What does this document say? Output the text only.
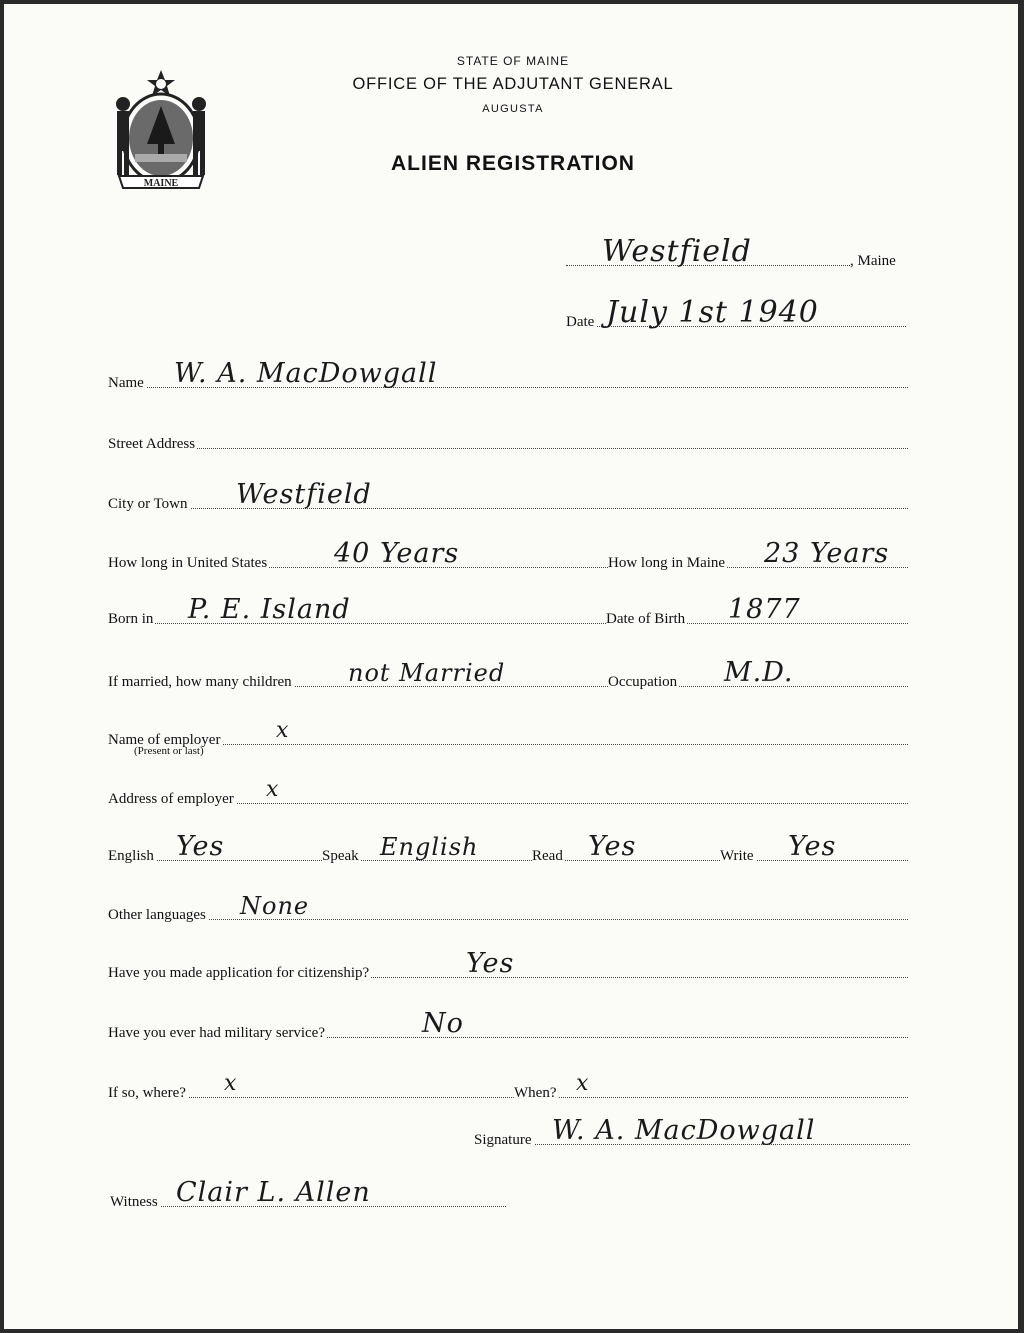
MAINE
STATE OF MAINE
OFFICE OF THE ADJUTANT GENERAL
AUGUSTA
ALIEN REGISTRATION
Westfield	, Maine
Date July 1st 1940
Name W. A. MacDowgall
Street Address
City or Town Westfield
How long in United States 40 Years	How long in Maine 23 Years
Born in P. E. Island	Date of Birth 1877
If married, how many children not Married	Occupation M.D.
Name of employer	x
(Present or last)
Address of employer x
English Yes	Speak English	Read Yes	Write Yes
Other languages None
Have you made application for citizenship?	Yes
Have you ever had military service?	No
If so, where? x	When? x
Signature W. A. MacDowgall
Witness Clair L. Allen
